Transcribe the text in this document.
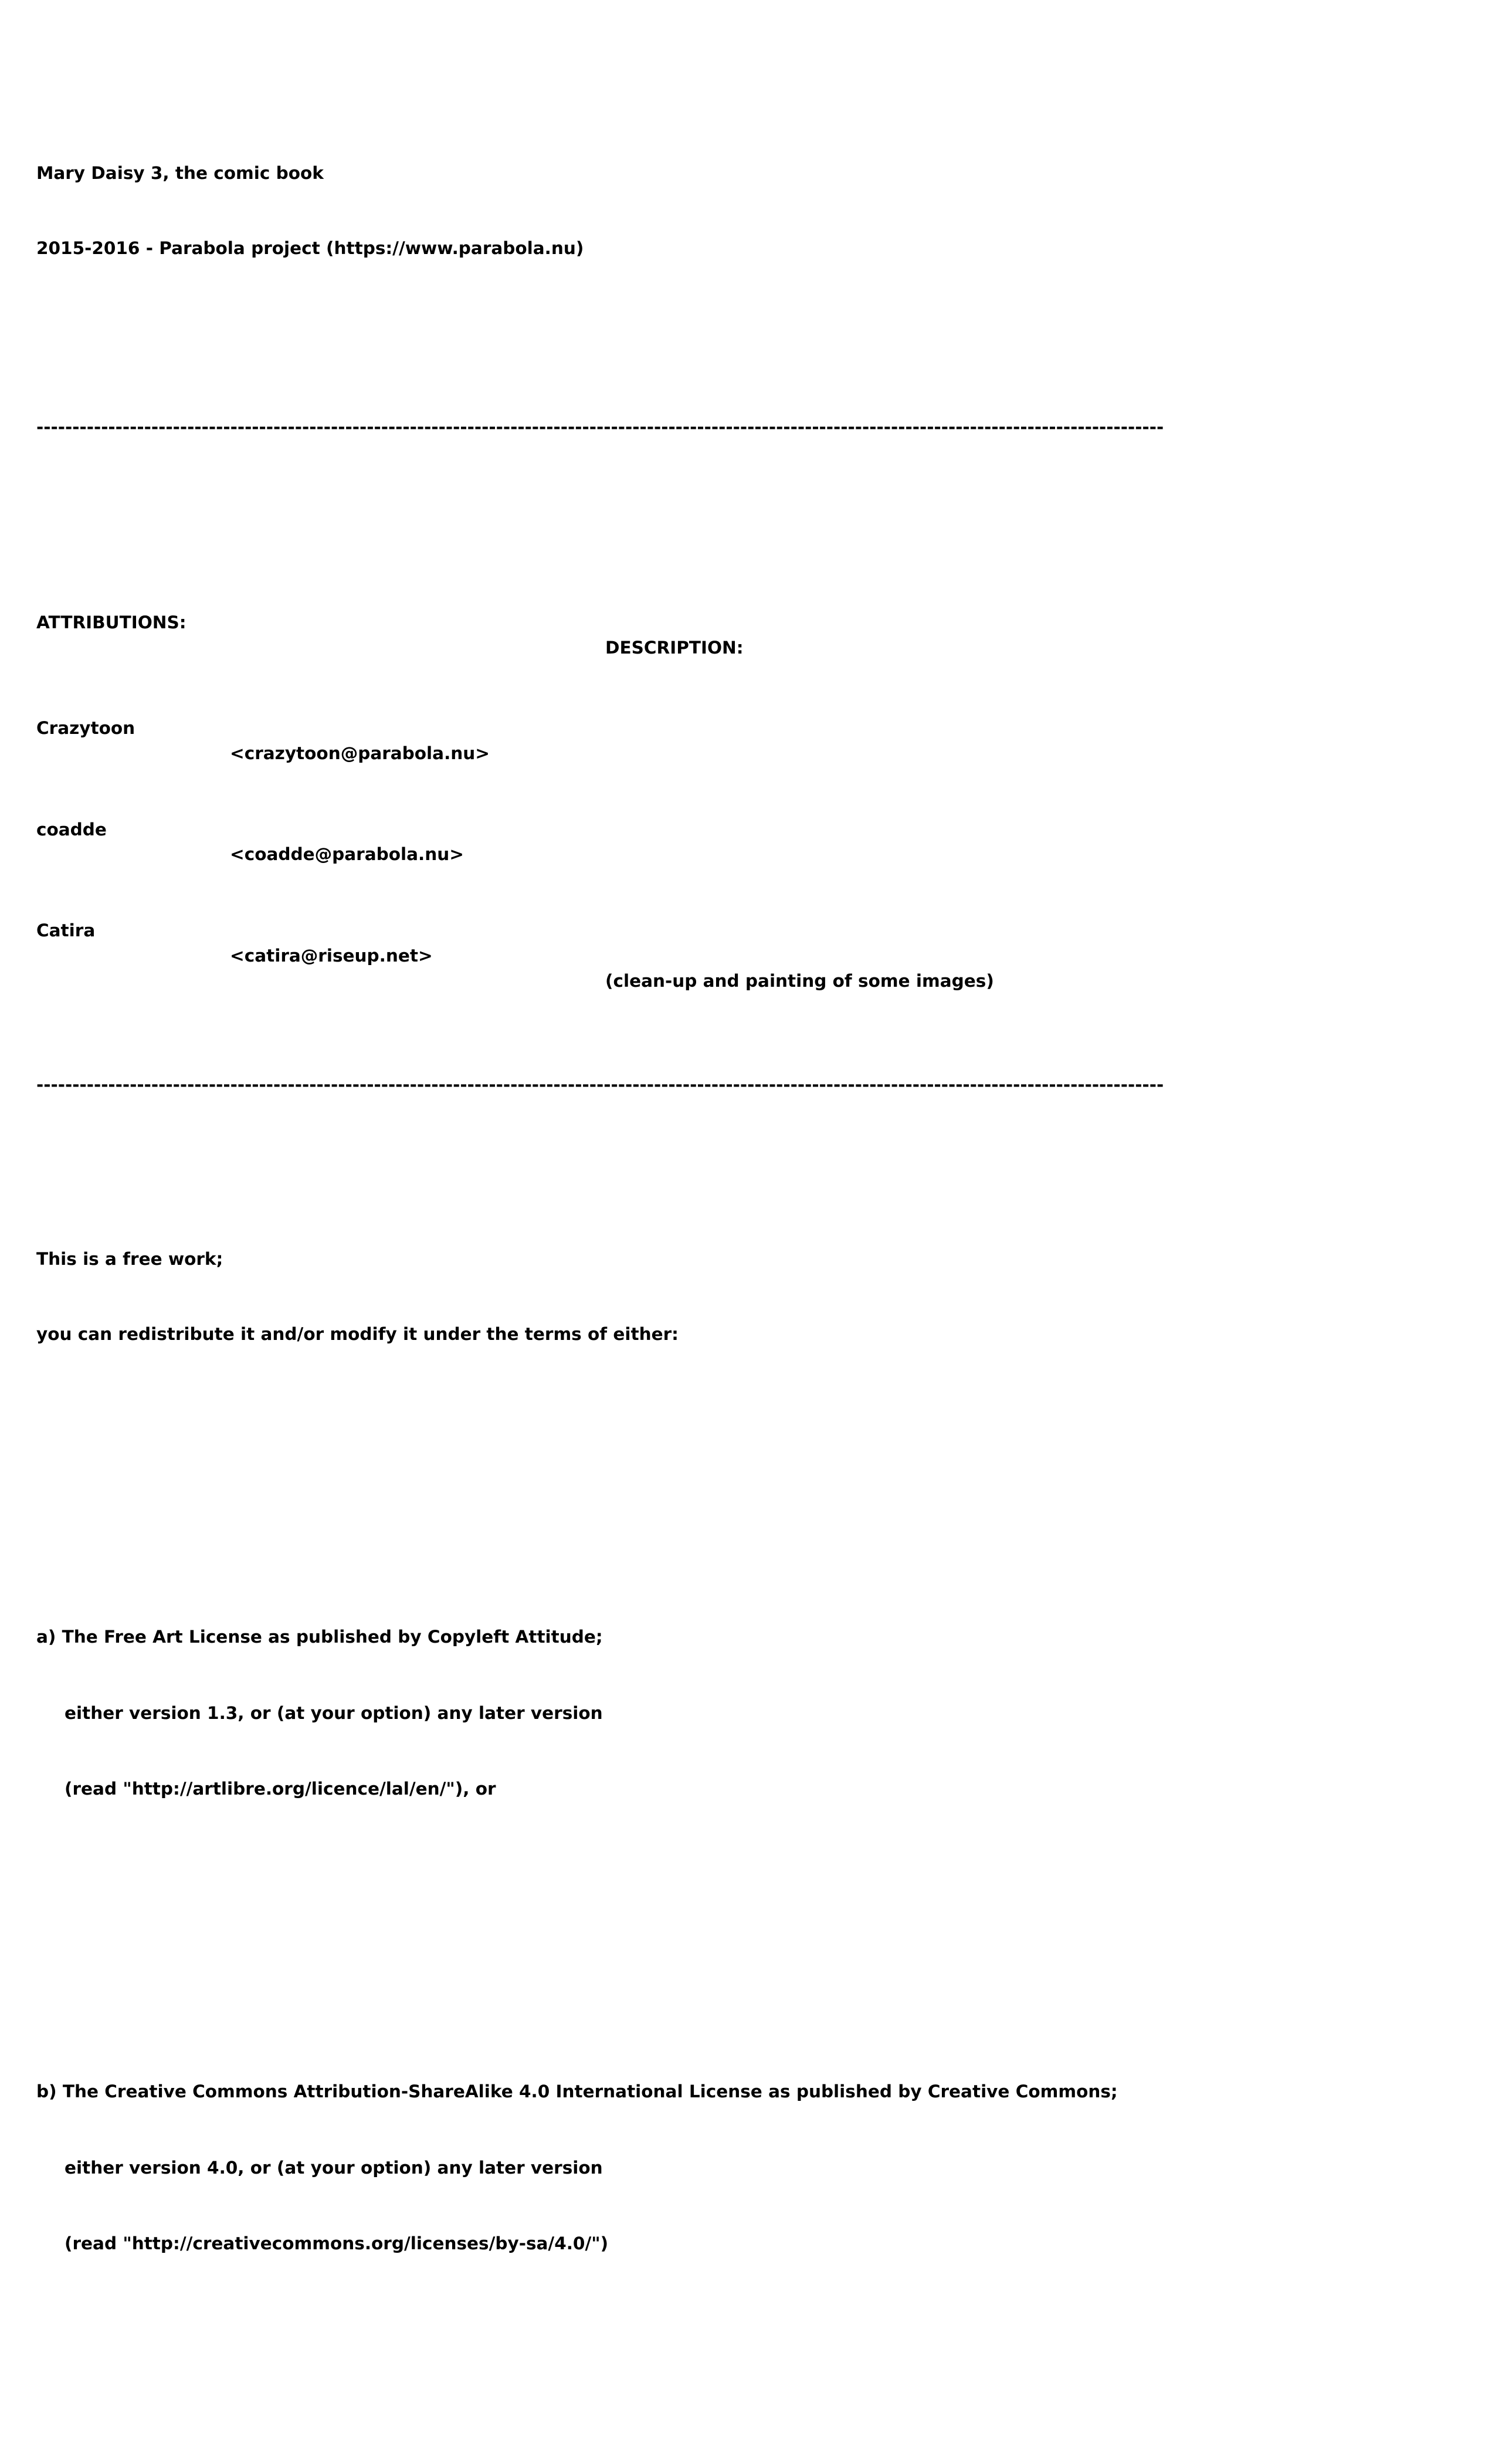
Mary Daisy 3, the comic book

2015-2016 - Parabola project (https://www.parabola.nu)

-------------------------------------------------------------------------------------------------------------------------------------------------------------

ATTRIBUTIONS:

DESCRIPTION:

Crazytoon

<crazytoon@parabola.nu>

coadde

<coadde@parabola.nu>

Catira

<catira@riseup.net>

(clean-up and painting of some images)

-------------------------------------------------------------------------------------------------------------------------------------------------------------

This is a free work;

you can redistribute it and/or modify it under the terms of either:

a) The Free Art License as published by Copyleft Attitude;

either version 1.3, or (at your option) any later version

(read "http://artlibre.org/licence/lal/en/"), or

b) The Creative Commons Attribution-ShareAlike 4.0 International License as published by Creative Commons;

either version 4.0, or (at your option) any later version

(read "http://creativecommons.org/licenses/by-sa/4.0/")
